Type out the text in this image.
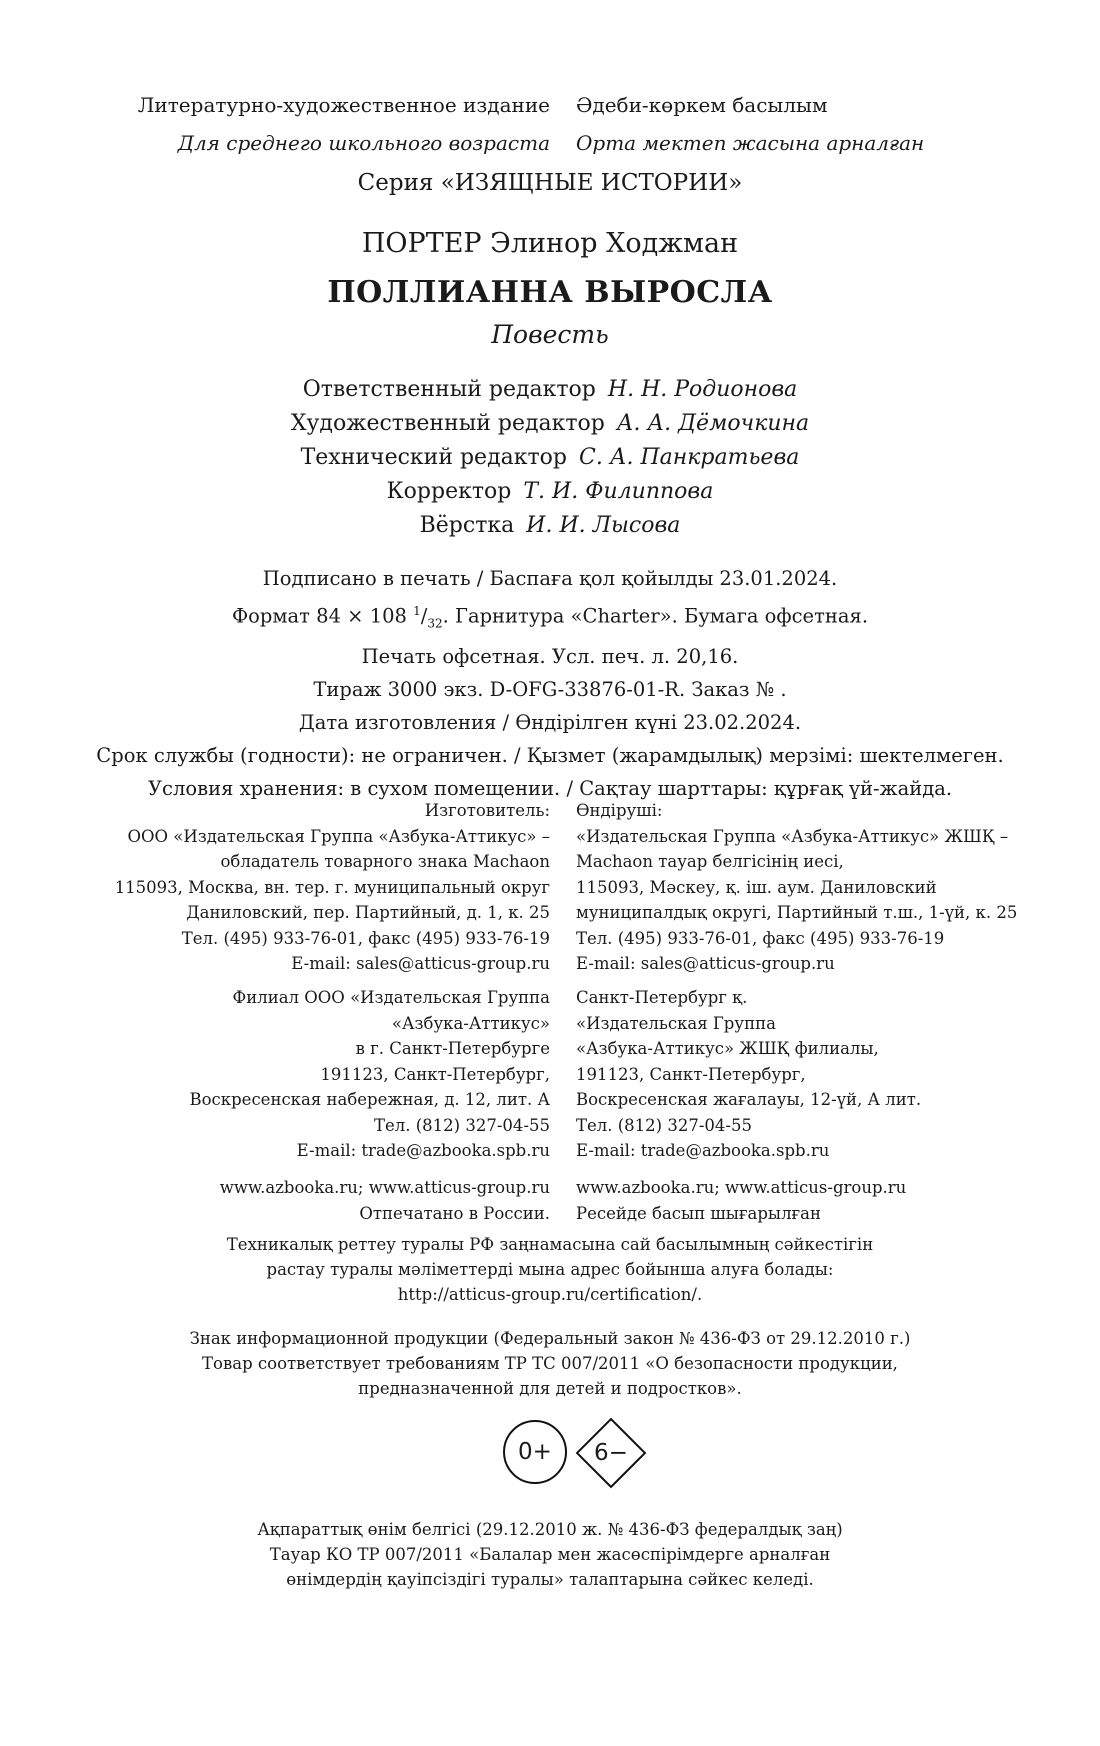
Литературно-художественное издание Әдеби-көркем басылым
Для среднего школьного возраста Орта мектеп жасына арналған
Серия «ИЗЯЩНЫЕ ИСТОРИИ»
ПОРТЕР Элинор Ходжман
ПОЛЛИАННА ВЫРОСЛА
Повесть
Ответственный редактор Н. Н. Родионова
Художественный редактор А. А. Дёмочкина
Технический редактор С. А. Панкратьева
Корректор Т. И. Филиппова
Вёрстка И. И. Лысова
Подписано в печать / Баспаға қол қойылды 23.01.2024.
Формат 84 × 108 $^1/_{32}$. Гарнитура «Charter». Бумага офсетная.
Печать офсетная. Усл. печ. л. 20,16.
Тираж 3000 экз. D-OFG-33876-01-R. Заказ № .
Дата изготовления / Өндірілген күні 23.02.2024.
Срок службы (годности): не ограничен. / Қызмет (жарамдылық) мерзімі: шектелмеген.
Условия хранения: в сухом помещении. / Сақтау шарттары: құрғақ үй-жайда.
Изготовитель:
ООО «Издательская Группа «Азбука-Аттикус» –
обладатель товарного знака Machaon
115093, Москва, вн. тер. г. муниципальный округ
Даниловский, пер. Партийный, д. 1, к. 25
Тел. (495) 933-76-01, факс (495) 933-76-19
E-mail: sales@atticus-group.ru
Өндіруші:
«Издательская Группа «Азбука-Аттикус» ЖШҚ –
Machaon тауар белгісінің иесі,
115093, Мәскеу, қ. іш. аум. Даниловский
муниципалдық округі, Партийный т.ш., 1-үй, к. 25
Тел. (495) 933-76-01, факс (495) 933-76-19
E-mail: sales@atticus-group.ru
Филиал ООО «Издательская Группа
«Азбука-Аттикус»
в г. Санкт-Петербурге
191123, Санкт-Петербург,
Воскресенская набережная, д. 12, лит. А
Тел. (812) 327-04-55
E-mail: trade@azbooka.spb.ru
Санкт-Петербург қ.
«Издательская Группа
«Азбука-Аттикус» ЖШҚ филиалы,
191123, Санкт-Петербург,
Воскресенская жағалауы, 12-үй, А лит.
Тел. (812) 327-04-55
E-mail: trade@azbooka.spb.ru
www.azbooka.ru; www.atticus-group.ru
Отпечатано в России.
www.azbooka.ru; www.atticus-group.ru
Ресейде басып шығарылған
Техникалық реттеу туралы РФ заңнамасына сай басылымның сәйкестігін
растау туралы мәліметтерді мына адрес бойынша алуға болады:
http://atticus-group.ru/certification/.
Знак информационной продукции (Федеральный закон № 436-ФЗ от 29.12.2010 г.)
Товар соответствует требованиям ТР ТС 007/2011 «О безопасности продукции,
предназначенной для детей и подростков».
0+ 6−
Ақпараттық өнім белгісі (29.12.2010 ж. № 436-ФЗ федералдық заң)
Тауар КО ТР 007/2011 «Балалар мен жасөспірімдерге арналған
өнімдердің қауіпсіздігі туралы» талаптарына сәйкес келеді.
